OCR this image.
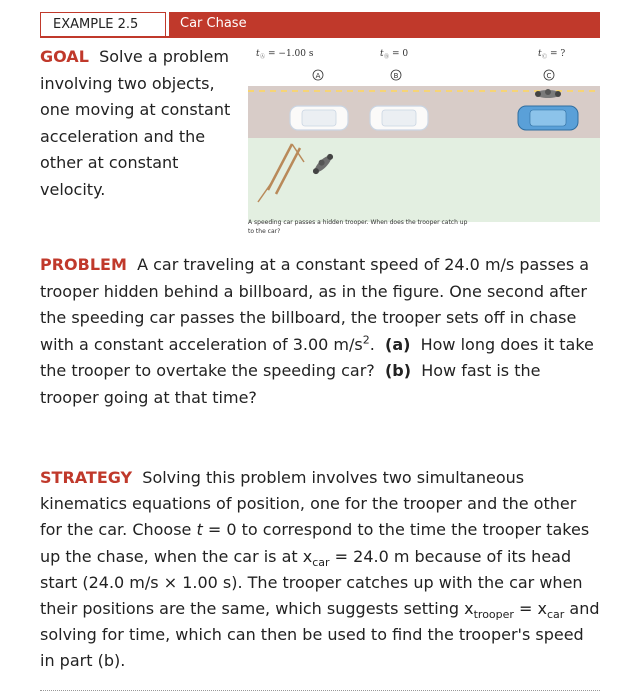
EXAMPLE 2.5	Car Chase
GOAL Solve a problem involving two objects, one moving at constant acceleration and the other at constant velocity.
t Ⓐ = −1.00 s	t Ⓑ = 0	t Ⓒ = ?
A	B	C
A speeding car passes a hidden trooper. When does the trooper catch up to the car?
PROBLEM A car traveling at a constant speed of 24.0 m/s passes a trooper hidden behind a billboard, as in the figure. One second after the speeding car passes the billboard, the trooper sets off in chase with a constant acceleration of 3.00 $m/s^2$. (a) How long does it take the trooper to overtake the speeding car? (b) How fast is the trooper going at that time?
STRATEGY Solving this problem involves two simultaneous kinematics equations of position, one for the trooper and the other for the car. Choose t = 0 to correspond to the time the trooper takes up the chase, when the car is at $x_{car} = 24.0$ m because of its head start (24.0 m/s × 1.00 s). The trooper catches up with the car when their positions are the same, which suggests setting $x_{trooper} = x_{car}$ and solving for time, which can then be used to find the trooper's speed in part (b).
